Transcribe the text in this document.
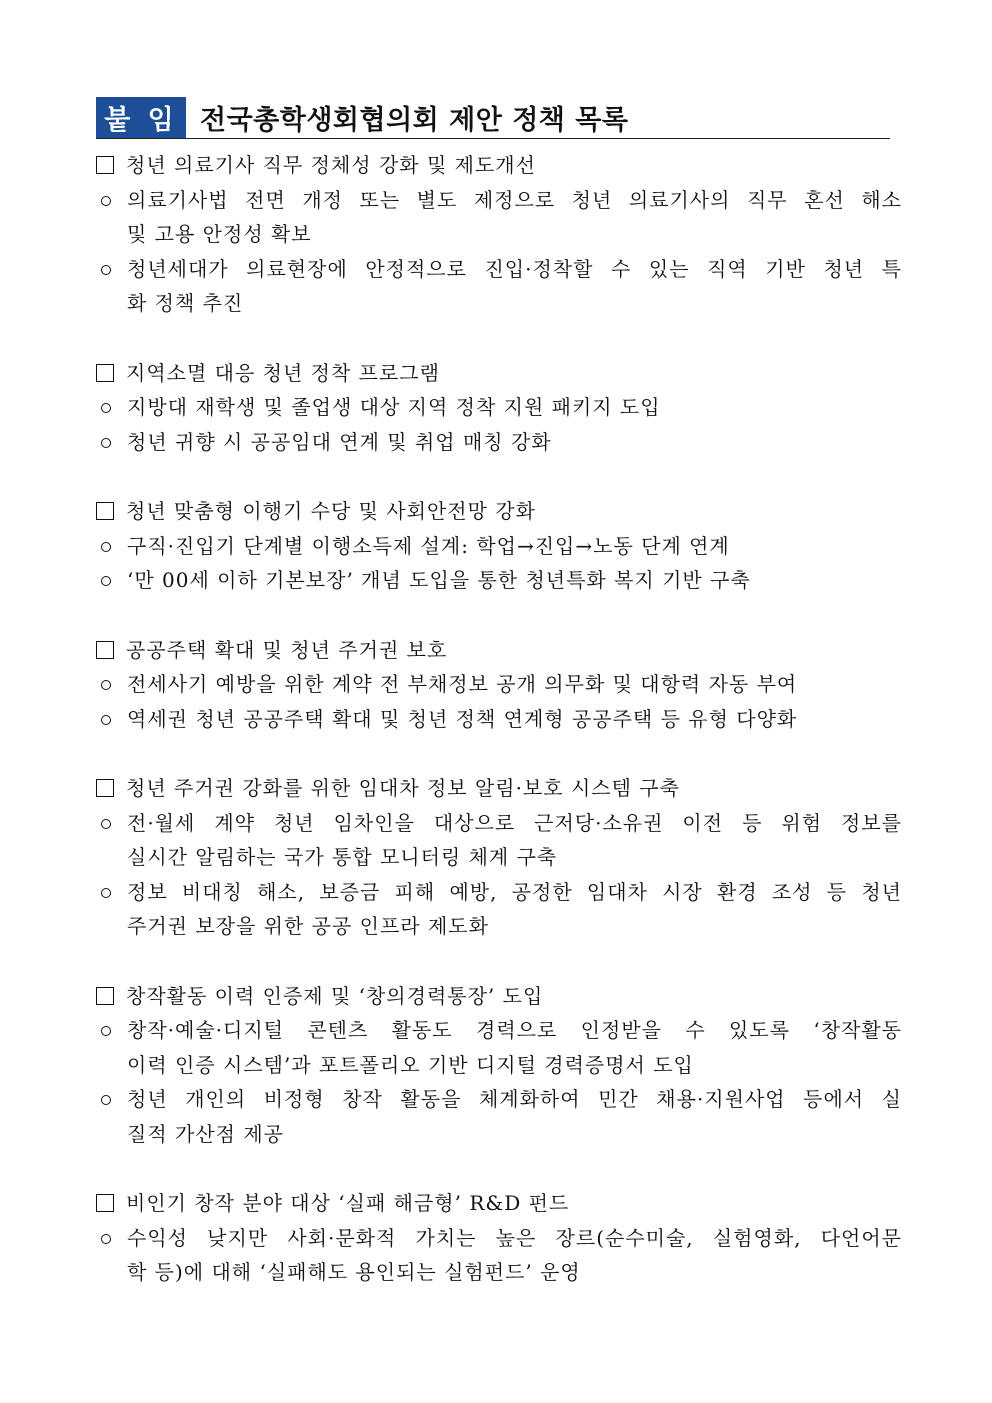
붙 임 전국총학생회협의회 제안 정책 목록
청년 의료기사 직무 정체성 강화 및 제도개선
의료기사법 전면 개정 또는 별도 제정으로 청년 의료기사의 직무 혼선 해소
및 고용 안정성 확보
청년세대가 의료현장에 안정적으로 진입·정착할 수 있는 직역 기반 청년 특
화 정책 추진
지역소멸 대응 청년 정착 프로그램
지방대 재학생 및 졸업생 대상 지역 정착 지원 패키지 도입
청년 귀향 시 공공임대 연계 및 취업 매칭 강화
청년 맞춤형 이행기 수당 및 사회안전망 강화
구직·진입기 단계별 이행소득제 설계: 학업→진입→노동 단계 연계
‘만 00세 이하 기본보장’ 개념 도입을 통한 청년특화 복지 기반 구축
공공주택 확대 및 청년 주거권 보호
전세사기 예방을 위한 계약 전 부채정보 공개 의무화 및 대항력 자동 부여
역세권 청년 공공주택 확대 및 청년 정책 연계형 공공주택 등 유형 다양화
청년 주거권 강화를 위한 임대차 정보 알림·보호 시스템 구축
전·월세 계약 청년 임차인을 대상으로 근저당·소유권 이전 등 위험 정보를
실시간 알림하는 국가 통합 모니터링 체계 구축
정보 비대칭 해소, 보증금 피해 예방, 공정한 임대차 시장 환경 조성 등 청년
주거권 보장을 위한 공공 인프라 제도화
창작활동 이력 인증제 및 ‘창의경력통장’ 도입
창작·예술·디지털 콘텐츠 활동도 경력으로 인정받을 수 있도록 ‘창작활동
이력 인증 시스템’과 포트폴리오 기반 디지털 경력증명서 도입
청년 개인의 비정형 창작 활동을 체계화하여 민간 채용·지원사업 등에서 실
질적 가산점 제공
비인기 창작 분야 대상 ‘실패 해금형’ R&D 펀드
수익성 낮지만 사회·문화적 가치는 높은 장르(순수미술, 실험영화, 다언어문
학 등)에 대해 ‘실패해도 용인되는 실험펀드’ 운영
